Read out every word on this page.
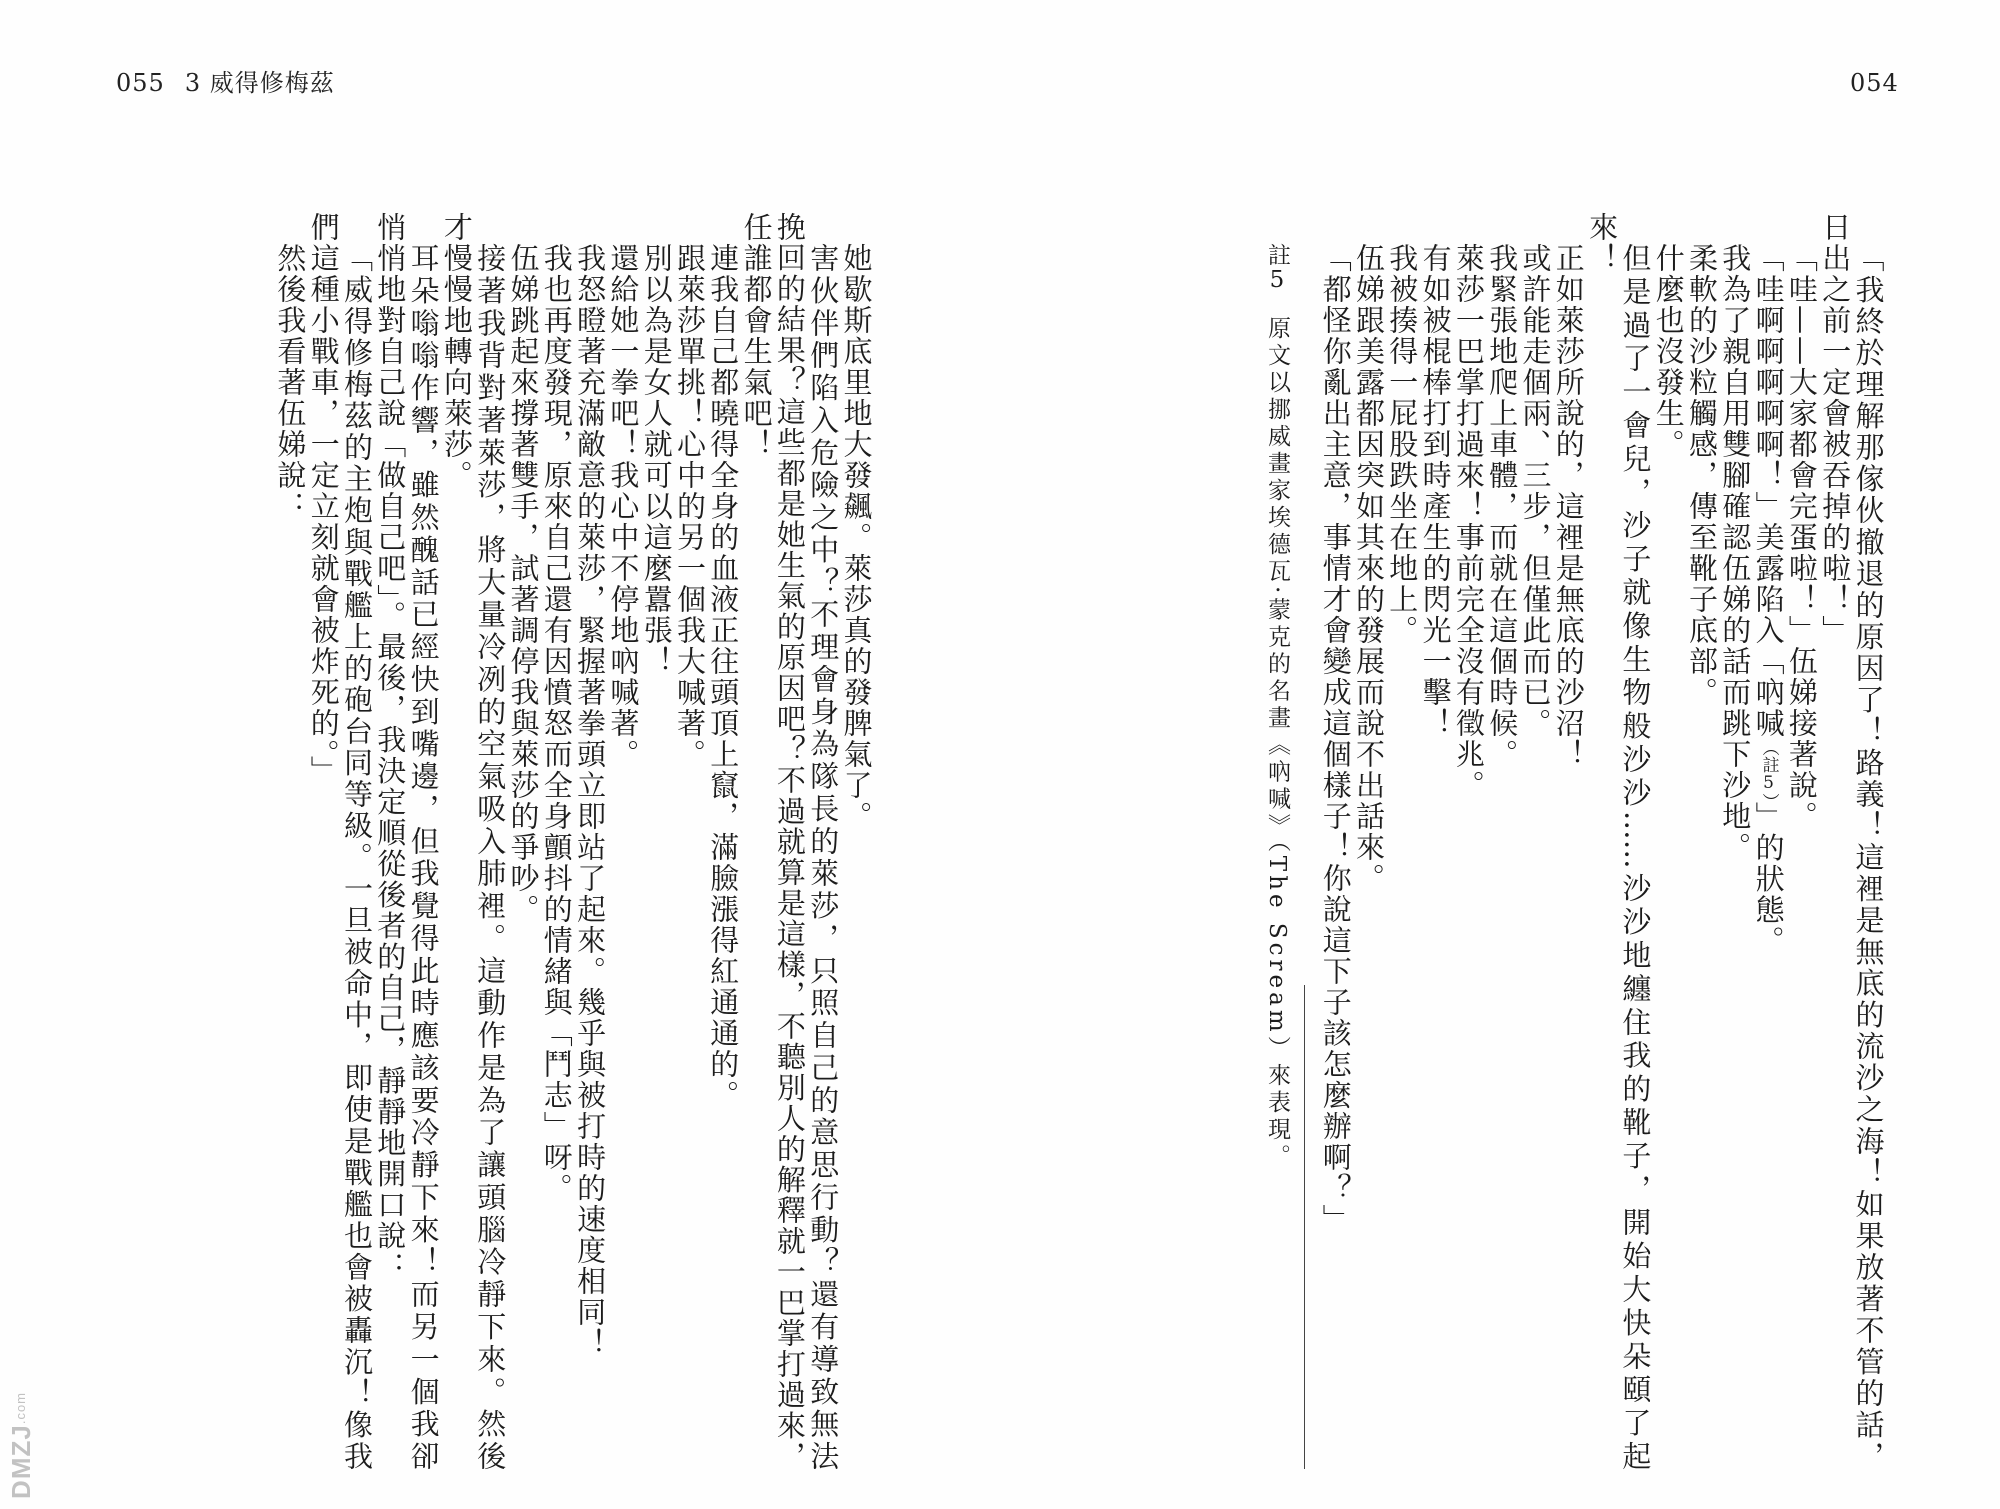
055 3 威得修梅茲
DMZJ.com
她歇斯底里地大發飆。萊莎真的發脾氣了。
害伙伴們陷入危險之中？不理會身為隊長的萊莎，只照自己的意思行動？還有導致無法
挽回的結果？這些都是她生氣的原因吧？不過就算是這樣，不聽別人的解釋就一巴掌打過來，
任誰都會生氣吧！
連我自己都曉得全身的血液正往頭頂上竄，滿臉漲得紅通通的。
跟萊莎單挑！心中的另一個我大喊著。
別以為是女人就可以這麼囂張！
還給她一拳吧！我心中不停地吶喊著。
我怒瞪著充滿敵意的萊莎，緊握著拳頭立即站了起來。幾乎與被打時的速度相同！
我也再度發現，原來自己還有因憤怒而全身顫抖的情緒與「鬥志」呀。
伍娣跳起來撐著雙手，試著調停我與萊莎的爭吵。
接著我背對著萊莎，將大量冷冽的空氣吸入肺裡。這動作是為了讓頭腦冷靜下來。然後
才慢慢地轉向萊莎。
耳朵嗡嗡作響，雖然醜話已經快到嘴邊，但我覺得此時應該要冷靜下來！而另一個我卻
悄悄地對自己說「做自己吧」。最後，我決定順從後者的自己，靜靜地開口說：
「威得修梅茲的主炮與戰艦上的砲台同等級。一旦被命中，即使是戰艦也會被轟沉！像我
們這種小戰車，一定立刻就會被炸死的。」
然後我看著伍娣說：
054
註5原文以挪威畫家埃德瓦·蒙克的名畫《吶喊》（The Scream）來表現。	「我終於理解那傢伙撤退的原因了！路義！這裡是無底的流沙之海！如果放著不管的話，
日出之前一定會被吞掉的啦！」
「哇——大家都會完蛋啦！」伍娣接著說。
「哇啊啊啊啊啊！」美露陷入「吶喊（註5）」的狀態。
我為了親自用雙腳確認伍娣的話而跳下沙地。
柔軟的沙粒觸感，傳至靴子底部。
什麼也沒發生。
但是過了一會兒，沙子就像生物般沙沙……沙沙地纏住我的靴子，開始大快朵頤了起
來！
正如萊莎所說的，這裡是無底的沙沼！
或許能走個兩、三步，但僅此而已。
我緊張地爬上車體，而就在這個時候。
萊莎一巴掌打過來！事前完全沒有徵兆。
有如被棍棒打到時產生的閃光一擊！
我被揍得一屁股跌坐在地上。
伍娣跟美露都因突如其來的發展而說不出話來。
「都怪你亂出主意，事情才會變成這個樣子！你說這下子該怎麼辦啊？」
